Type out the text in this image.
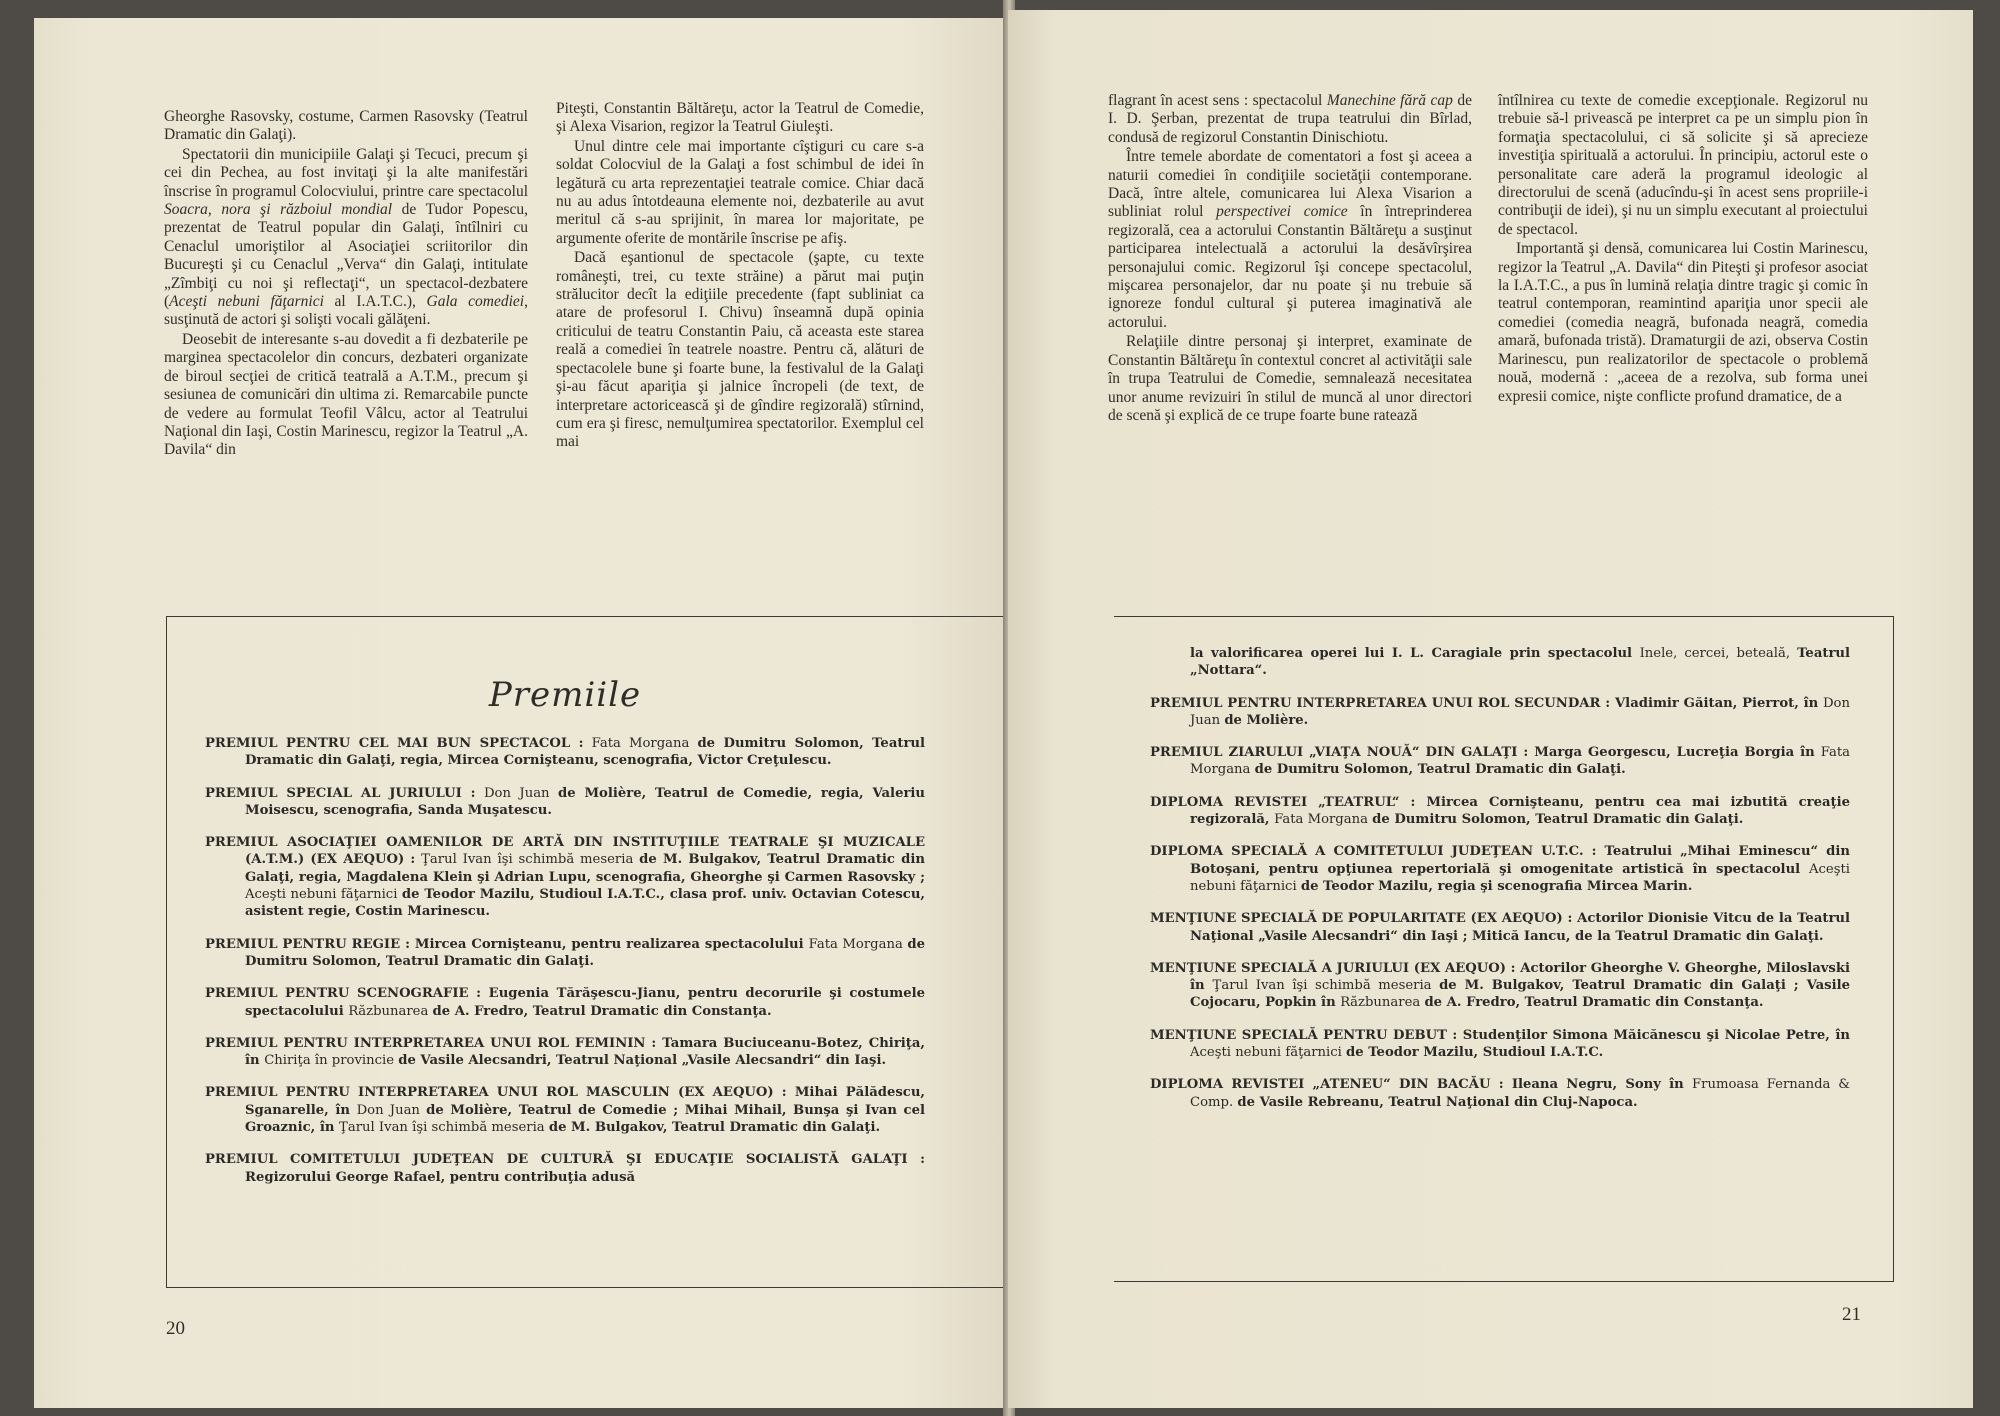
Gheorghe Rasovsky, costume, Carmen Rasovsky (Teatrul Dramatic din Galaţi).

Spectatorii din municipiile Galaţi şi Tecuci, precum şi cei din Pechea, au fost invitaţi şi la alte manifestări înscrise în programul Colocviului, printre care spectacolul Soacra, nora şi războiul mondial de Tudor Popescu, prezentat de Teatrul popular din Galaţi, întîlniri cu Cenaclul umoriştilor al Asociaţiei scriitorilor din Bucureşti şi cu Cenaclul „Verva“ din Galaţi, intitulate „Zîmbiţi cu noi şi reflectaţi“, un spectacol-dezbatere (Aceşti nebuni făţarnici al I.A.T.C.), Gala comediei, susţinută de actori şi solişti vocali gălăţeni.

Deosebit de interesante s-au dovedit a fi dezbaterile pe marginea spectacolelor din concurs, dezbateri organizate de biroul secţiei de critică teatrală a A.T.M., precum şi sesiunea de comunicări din ultima zi. Remarcabile puncte de vedere au formulat Teofil Vâlcu, actor al Teatrului Naţional din Iaşi, Costin Marinescu, regizor la Teatrul „A. Davila“ din

Piteşti, Constantin Băltăreţu, actor la Teatrul de Comedie, şi Alexa Visarion, regizor la Teatrul Giuleşti.

Unul dintre cele mai importante cîştiguri cu care s-a soldat Colocviul de la Galaţi a fost schimbul de idei în legătură cu arta reprezentaţiei teatrale comice. Chiar dacă nu au adus întotdeauna elemente noi, dezbaterile au avut meritul că s-au sprijinit, în marea lor majoritate, pe argumente oferite de montările înscrise pe afiş.

Dacă eşantionul de spectacole (şapte, cu texte româneşti, trei, cu texte străine) a părut mai puţin strălucitor decît la ediţiile precedente (fapt subliniat ca atare de profesorul I. Chivu) înseamnă după opinia criticului de teatru Constantin Paiu, că aceasta este starea reală a comediei în teatrele noastre. Pentru că, alături de spectacolele bune şi foarte bune, la festivalul de la Galaţi şi-au făcut apariţia şi jalnice încropeli (de text, de interpretare actoricească şi de gîndire regizorală) stîrnind, cum era şi firesc, nemulţumirea spectatorilor. Exemplul cel mai

Premiile
PREMIUL PENTRU CEL MAI BUN SPECTACOL : Fata Morgana de Dumitru Solomon, Teatrul Dramatic din Galaţi, regia, Mircea Cornişteanu, scenografia, Victor Creţulescu.
PREMIUL SPECIAL AL JURIULUI : Don Juan de Molière, Teatrul de Comedie, regia, Valeriu Moisescu, scenografia, Sanda Muşatescu.
PREMIUL ASOCIAŢIEI OAMENILOR DE ARTĂ DIN INSTITUŢIILE TEATRALE ŞI MUZICALE (A.T.M.) (EX AEQUO) : Ţarul Ivan îşi schimbă meseria de M. Bulgakov, Teatrul Dramatic din Galaţi, regia, Magdalena Klein şi Adrian Lupu, scenografia, Gheorghe şi Carmen Rasovsky ; Aceşti nebuni făţarnici de Teodor Mazilu, Studioul I.A.T.C., clasa prof. univ. Octavian Cotescu, asistent regie, Costin Marinescu.
PREMIUL PENTRU REGIE : Mircea Cornişteanu, pentru realizarea spectacolului Fata Morgana de Dumitru Solomon, Teatrul Dramatic din Galaţi.
PREMIUL PENTRU SCENOGRAFIE : Eugenia Tărăşescu-Jianu, pentru decorurile şi costumele spectacolului Răzbunarea de A. Fredro, Teatrul Dramatic din Constanţa.
PREMIUL PENTRU INTERPRETAREA UNUI ROL FEMININ : Tamara Buciuceanu-Botez, Chiriţa, în Chiriţa în provincie de Vasile Alecsandri, Teatrul Naţional „Vasile Alecsandri“ din Iaşi.
PREMIUL PENTRU INTERPRETAREA UNUI ROL MASCULIN (EX AEQUO) : Mihai Pălădescu, Sganarelle, în Don Juan de Molière, Teatrul de Comedie ; Mihai Mihail, Bunşa şi Ivan cel Groaznic, în Ţarul Ivan îşi schimbă meseria de M. Bulgakov, Teatrul Dramatic din Galaţi.
PREMIUL COMITETULUI JUDEŢEAN DE CULTURĂ ŞI EDUCAŢIE SOCIALISTĂ GALAŢI : Regizorului George Rafael, pentru contribuţia adusă
20

flagrant în acest sens : spectacolul Manechine fără cap de I. D. Şerban, prezentat de trupa teatrului din Bîrlad, condusă de regizorul Constantin Dinischiotu.

Între temele abordate de comentatori a fost şi aceea a naturii comediei în condiţiile societăţii contemporane. Dacă, între altele, comunicarea lui Alexa Visarion a subliniat rolul perspectivei comice în întreprinderea regizorală, cea a actorului Constantin Băltăreţu a susţinut participarea intelectuală a actorului la desăvîrşirea personajului comic. Regizorul îşi concepe spectacolul, mişcarea personajelor, dar nu poate şi nu trebuie să ignoreze fondul cultural şi puterea imaginativă ale actorului.

Relaţiile dintre personaj şi interpret, examinate de Constantin Băltăreţu în contextul concret al activităţii sale în trupa Teatrului de Comedie, semnalează necesitatea unor anume revizuiri în stilul de muncă al unor directori de scenă şi explică de ce trupe foarte bune ratează

întîlnirea cu texte de comedie excepţionale. Regizorul nu trebuie să-l privească pe interpret ca pe un simplu pion în formaţia spectacolului, ci să solicite şi să aprecieze investiţia spirituală a actorului. În principiu, actorul este o personalitate care aderă la programul ideologic al directorului de scenă (aducîndu-şi în acest sens propriile-i contribuţii de idei), şi nu un simplu executant al proiectului de spectacol.

Importantă şi densă, comunicarea lui Costin Marinescu, regizor la Teatrul „A. Davila“ din Piteşti şi profesor asociat la I.A.T.C., a pus în lumină relaţia dintre tragic şi comic în teatrul contemporan, reamintind apariţia unor specii ale comediei (comedia neagră, bufonada neagră, comedia amară, bufonada tristă). Dramaturgii de azi, observa Costin Marinescu, pun realizatorilor de spectacole o problemă nouă, modernă : „aceea de a rezolva, sub forma unei expresii comice, nişte conflicte profund dramatice, de a

la valorificarea operei lui I. L. Caragiale prin spectacolul Inele, cercei, beteală, Teatrul „Nottara“.
PREMIUL PENTRU INTERPRETAREA UNUI ROL SECUNDAR : Vladimir Găitan, Pierrot, în Don Juan de Molière.
PREMIUL ZIARULUI „VIAŢA NOUĂ“ DIN GALAŢI : Marga Georgescu, Lucreţia Borgia în Fata Morgana de Dumitru Solomon, Teatrul Dramatic din Galaţi.
DIPLOMA REVISTEI „TEATRUL“ : Mircea Cornişteanu, pentru cea mai izbutită creaţie regizorală, Fata Morgana de Dumitru Solomon, Teatrul Dramatic din Galaţi.
DIPLOMA SPECIALĂ A COMITETULUI JUDEŢEAN U.T.C. : Teatrului „Mihai Eminescu“ din Botoşani, pentru opţiunea repertorială şi omogenitate artistică în spectacolul Aceşti nebuni făţarnici de Teodor Mazilu, regia şi scenografia Mircea Marin.
MENŢIUNE SPECIALĂ DE POPULARITATE (EX AEQUO) : Actorilor Dionisie Vitcu de la Teatrul Naţional „Vasile Alecsandri“ din Iaşi ; Mitică Iancu, de la Teatrul Dramatic din Galaţi.
MENŢIUNE SPECIALĂ A JURIULUI (EX AEQUO) : Actorilor Gheorghe V. Gheorghe, Miloslavski în Ţarul Ivan îşi schimbă meseria de M. Bulgakov, Teatrul Dramatic din Galaţi ; Vasile Cojocaru, Popkin în Răzbunarea de A. Fredro, Teatrul Dramatic din Constanţa.
MENŢIUNE SPECIALĂ PENTRU DEBUT : Studenţilor Simona Măicănescu şi Nicolae Petre, în Aceşti nebuni făţarnici de Teodor Mazilu, Studioul I.A.T.C.
DIPLOMA REVISTEI „ATENEU“ DIN BACĂU : Ileana Negru, Sony în Frumoasa Fernanda & Comp. de Vasile Rebreanu, Teatrul Naţional din Cluj-Napoca.
21
